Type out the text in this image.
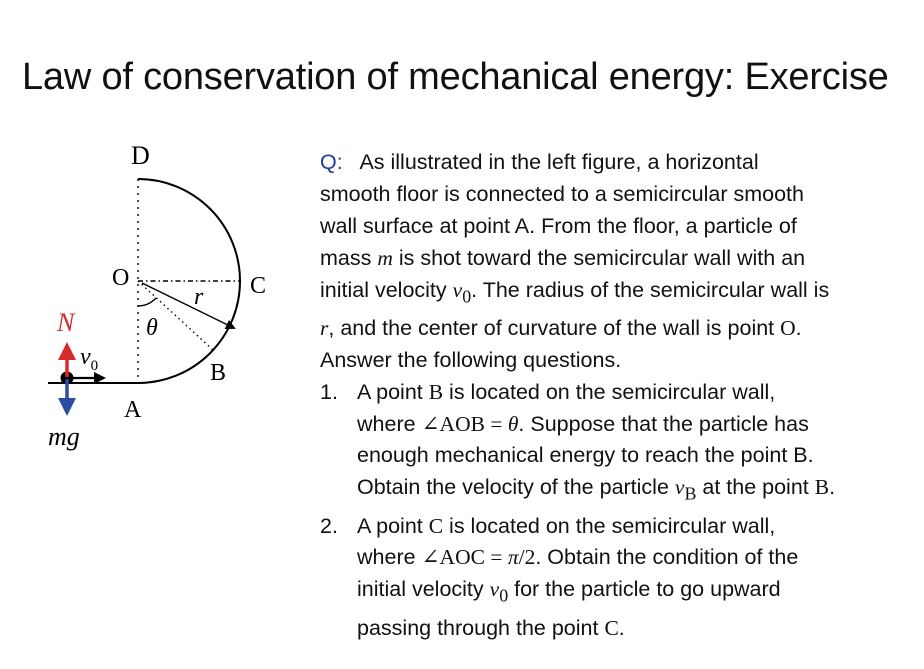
Law of conservation of mechanical energy: Exercise
D
O	C
A
B
r
θ
N
$v_0$
mg
Q: As illustrated in the left figure, a horizontal
smooth floor is connected to a semicircular smooth
wall surface at point A. From the floor, a particle of
mass m is shot toward the semicircular wall with an
initial velocity $v_0$. The radius of the semicircular wall is
r, and the center of curvature of the wall is point O.
Answer the following questions.
1. A point B is located on the semicircular wall,
where ∠AOB = θ. Suppose that the particle has
enough mechanical energy to reach the point B.
Obtain the velocity of the particle $v_B$ at the point B.
2. A point C is located on the semicircular wall,
where ∠AOC = π/2. Obtain the condition of the
initial velocity $v_0$ for the particle to go upward
passing through the point C.
